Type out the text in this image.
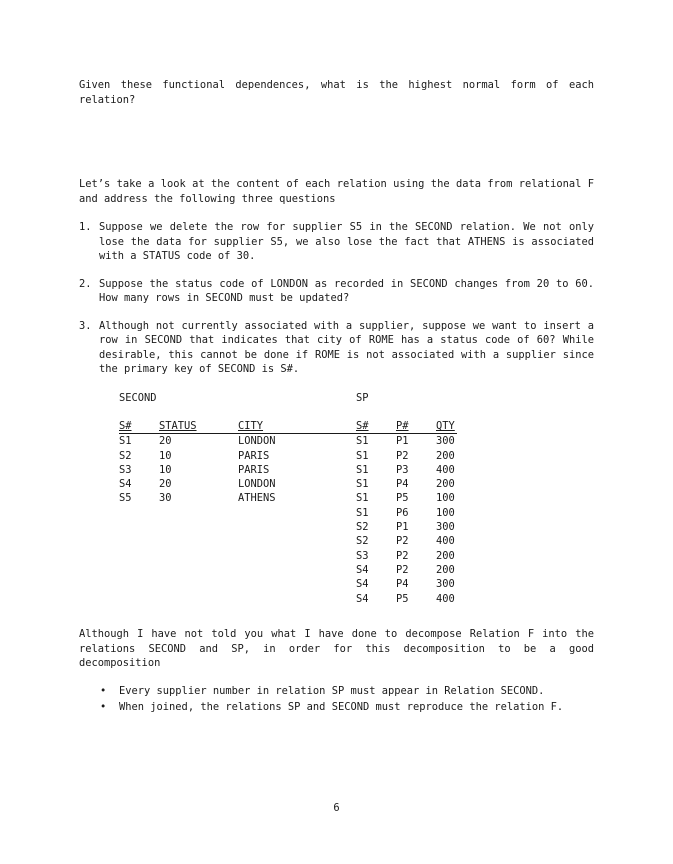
Given these functional dependences, what is the highest normal form of each relation?

Let’s take a look at the content of each relation using the data from relational F and address the following three questions

1. Suppose we delete the row for supplier S5 in the SECOND relation. We not only lose the data for supplier S5, we also lose the fact that ATHENS is associated with a STATUS code of 30.
2. Suppose the status code of LONDON as recorded in SECOND changes from 20 to 60. How many rows in SECOND must be updated?
3. Although not currently associated with a supplier, suppose we want to insert a row in SECOND that indicates that city of ROME has a status code of 60? While desirable, this cannot be done if ROME is not associated with a supplier since the primary key of SECOND is S#.
SECOND	SP
S#	STATUS	CITY
S1	20	LONDON
S2	10	PARIS
S3	10	PARIS
S4	20	LONDON
S5	30	ATHENS
S#	P#	QTY
S1	P1	300
S1	P2	200
S1	P3	400
S1	P4	200
S1	P5	100
S1	P6	100
S2	P1	300
S2	P2	400
S3	P2	200
S4	P2	200
S4	P4	300
S4	P5	400

Although I have not told you what I have done to decompose Relation F into the relations SECOND and SP, in order for this decomposition to be a good decomposition

• Every supplier number in relation SP must appear in Relation SECOND.
• When joined, the relations SP and SECOND must reproduce the relation F.
6
